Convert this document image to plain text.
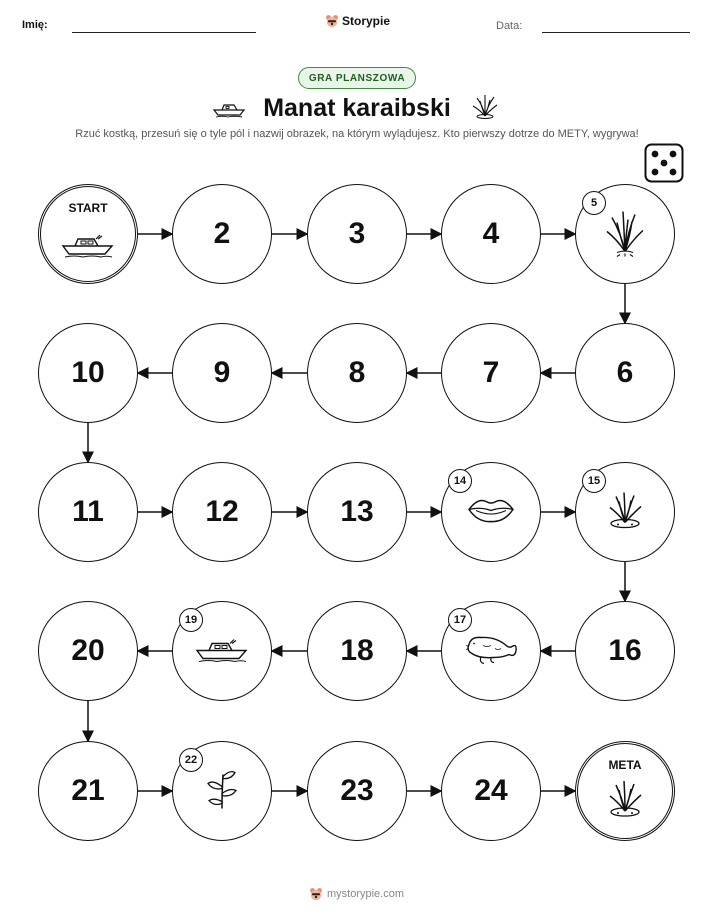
Imię:	Storypie	Data:
GRA PLANSZOWA
Manat karaibski
Rzuć kostką, przesuń się o tyle pól i nazwij obrazek, na którym wylądujesz. Kto pierwszy dotrze do METY, wygrywa!
START
2	3	4
5
6
7
8
9
10
11	12	13
14	15
16
17
18
19
20
21
22
23	24
META
mystorypie.com
